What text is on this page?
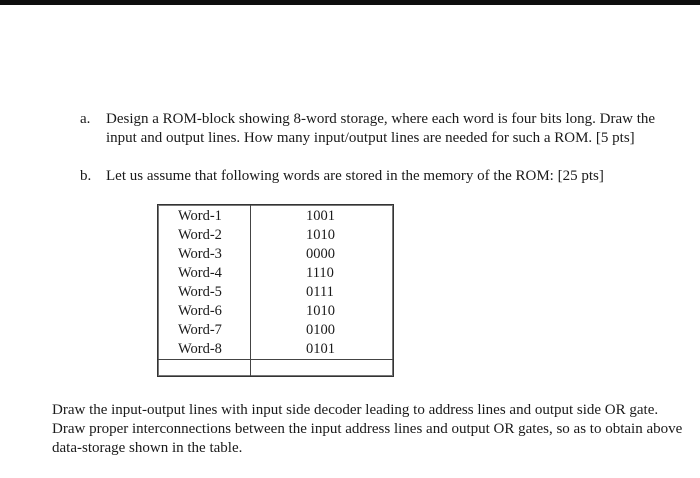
a.	Design a ROM-block showing 8-word storage, where each word is four bits long. Draw the input and output lines. How many input/output lines are needed for such a ROM. [5 pts]
b. Let us assume that following words are stored in the memory of the ROM: [25 pts]
Word-1	1001
Word-2	1010
Word-3	0000
Word-4	1110
Word-5	0111
Word-6	1010
Word-7	0100
Word-8	0101
Draw the input-output lines with input side decoder leading to address lines and output side OR gate. Draw proper interconnections between the input address lines and output OR gates, so as to obtain above data-storage shown in the table.
